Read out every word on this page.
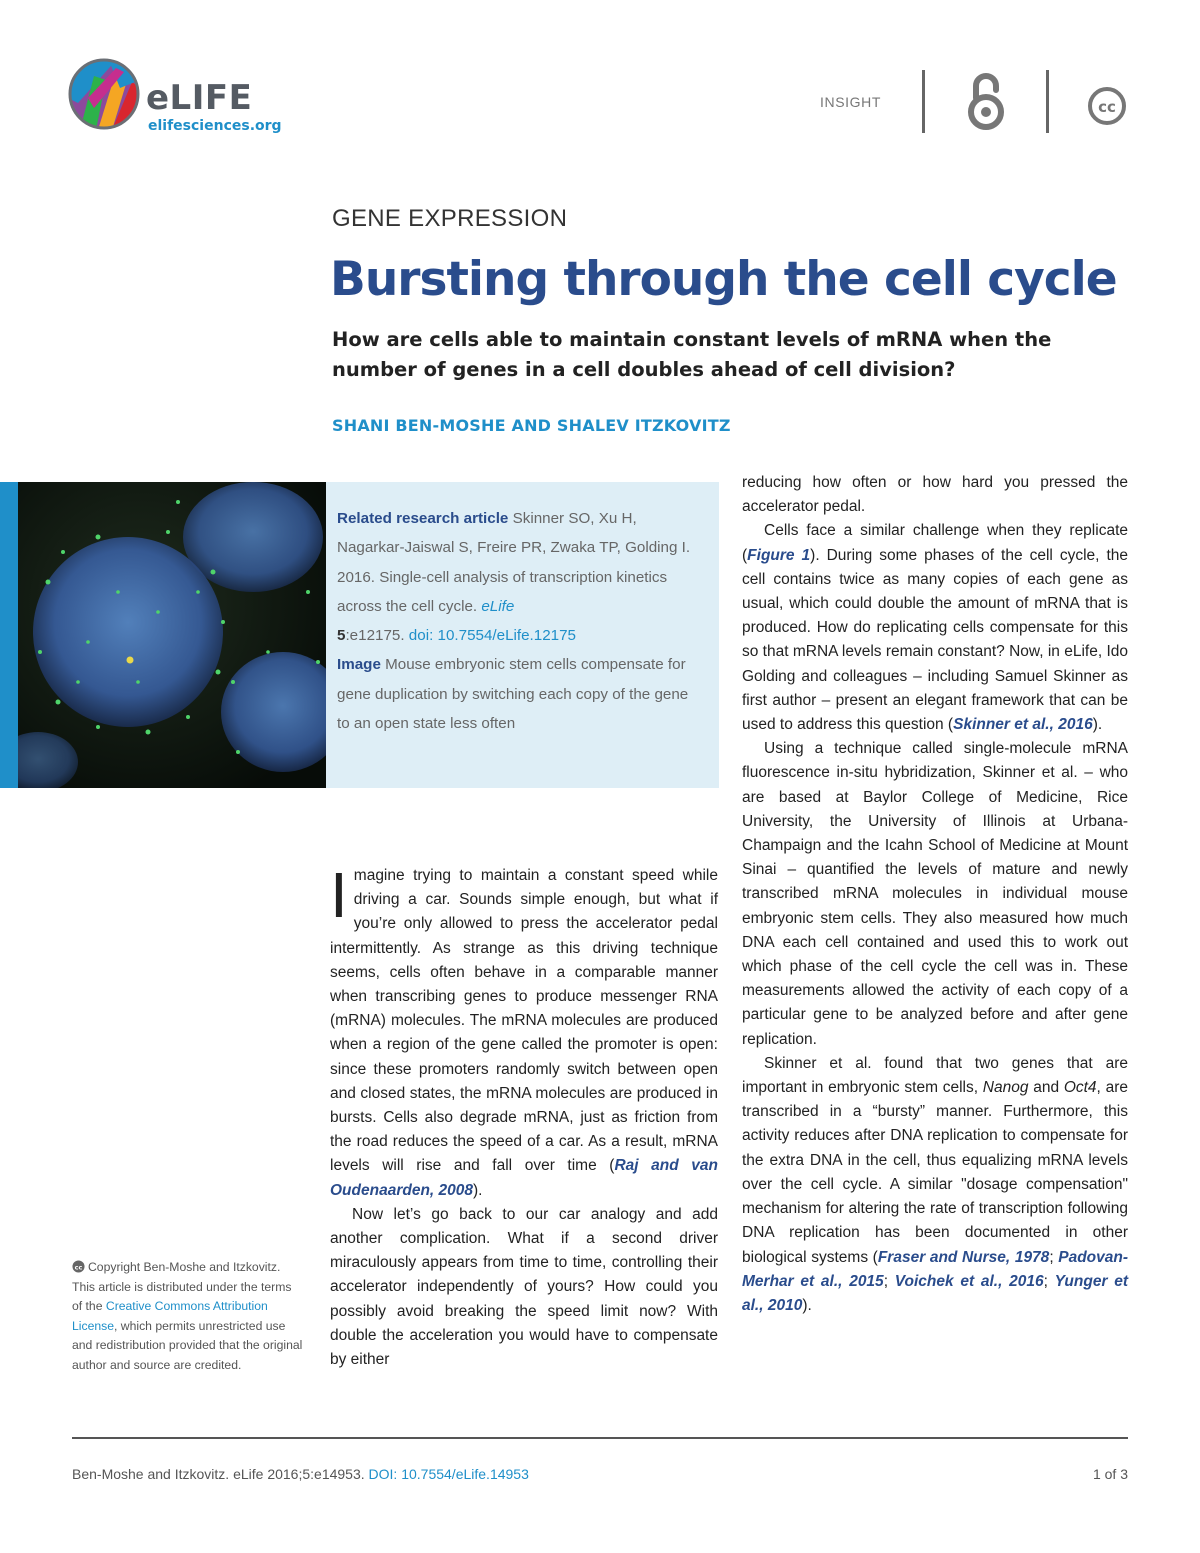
eLIFE
elifesciences.org
INSIGHT	cc
GENE EXPRESSION
Bursting through the cell cycle
How are cells able to maintain constant levels of mRNA when the number of genes in a cell doubles ahead of cell division?
SHANI BEN-MOSHE AND SHALEV ITZKOVITZ
Related research article Skinner SO, Xu H, Nagarkar-Jaiswal S, Freire PR, Zwaka TP, Golding I. 2016. Single-cell analysis of transcription kinetics across the cell cycle. eLife
5:e12175. doi: 10.7554/eLife.12175
Image Mouse embryonic stem cells compensate for gene duplication by switching each copy of the gene to an open state less often

Imagine trying to maintain a constant speed while driving a car. Sounds simple enough, but what if you’re only allowed to press the accelerator pedal intermittently. As strange as this driving technique seems, cells often behave in a comparable manner when transcribing genes to produce messenger RNA (mRNA) molecules. The mRNA molecules are produced when a region of the gene called the promoter is open: since these promoters randomly switch between open and closed states, the mRNA molecules are produced in bursts. Cells also degrade mRNA, just as friction from the road reduces the speed of a car. As a result, mRNA levels will rise and fall over time (Raj and van Oudenaarden, 2008).

Now let’s go back to our car analogy and add another complication. What if a second driver miraculously appears from time to time, controlling their accelerator independently of yours? How could you possibly avoid breaking the speed limit now? With double the acceleration you would have to compensate by either

reducing how often or how hard you pressed the accelerator pedal.

Cells face a similar challenge when they replicate (Figure 1). During some phases of the cell cycle, the cell contains twice as many copies of each gene as usual, which could double the amount of mRNA that is produced. How do replicating cells compensate for this so that mRNA levels remain constant? Now, in eLife, Ido Golding and colleagues – including Samuel Skinner as first author – present an elegant framework that can be used to address this question (Skinner et al., 2016).

Using a technique called single-molecule mRNA fluorescence in-situ hybridization, Skinner et al. – who are based at Baylor College of Medicine, Rice University, the University of Illinois at Urbana-Champaign and the Icahn School of Medicine at Mount Sinai – quantified the levels of mature and newly transcribed mRNA molecules in individual mouse embryonic stem cells. They also measured how much DNA each cell contained and used this to work out which phase of the cell cycle the cell was in. These measurements allowed the activity of each copy of a particular gene to be analyzed before and after gene replication.

Skinner et al. found that two genes that are important in embryonic stem cells, Nanog and Oct4, are transcribed in a “bursty” manner. Furthermore, this activity reduces after DNA replication to compensate for the extra DNA in the cell, thus equalizing mRNA levels over the cell cycle. A similar "dosage compensation" mechanism for altering the rate of transcription following DNA replication has been documented in other biological systems (Fraser and Nurse, 1978; Padovan-Merhar et al., 2015; Voichek et al., 2016; Yunger et al., 2010).

cc Copyright Ben-Moshe and Itzkovitz. This article is distributed under the terms of the Creative Commons Attribution License, which permits unrestricted use and redistribution provided that the original author and source are credited.
Ben-Moshe and Itzkovitz. eLife 2016;5:e14953. DOI: 10.7554/eLife.14953	1 of 3
